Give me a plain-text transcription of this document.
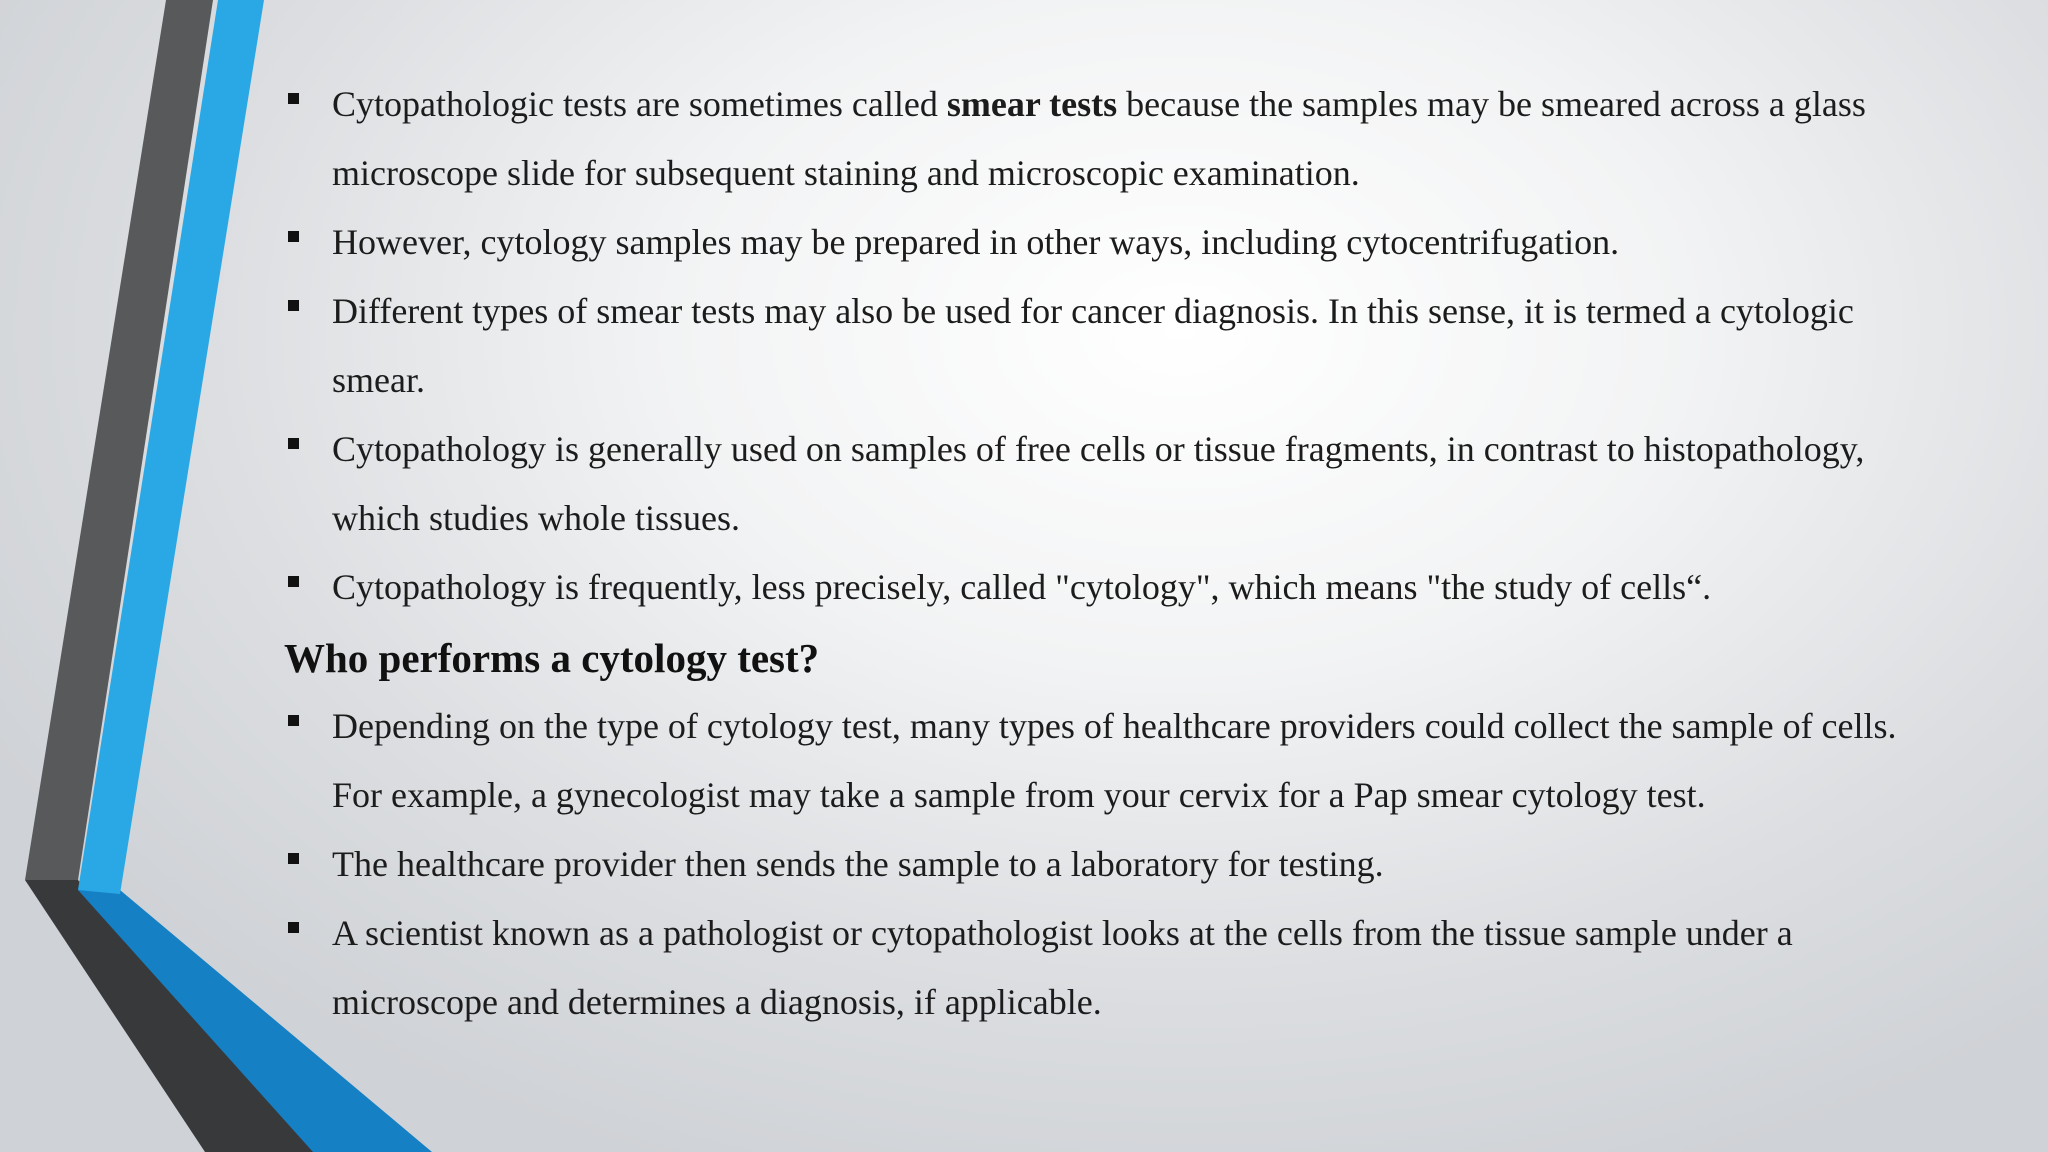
Cytopathologic tests are sometimes called smear tests because the samples may be smeared across a glass microscope slide for subsequent staining and microscopic examination.
However, cytology samples may be prepared in other ways, including cytocentrifugation.
Different types of smear tests may also be used for cancer diagnosis. In this sense, it is termed a cytologic smear.
Cytopathology is generally used on samples of free cells or tissue fragments, in contrast to histopathology, which studies whole tissues.
Cytopathology is frequently, less precisely, called "cytology", which means "the study of cells“.
Who performs a cytology test?
Depending on the type of cytology test, many types of healthcare providers could collect the sample of cells. For example, a gynecologist may take a sample from your cervix for a Pap smear cytology test.
The healthcare provider then sends the sample to a laboratory for testing.
A scientist known as a pathologist or cytopathologist looks at the cells from the tissue sample under a microscope and determines a diagnosis, if applicable.
